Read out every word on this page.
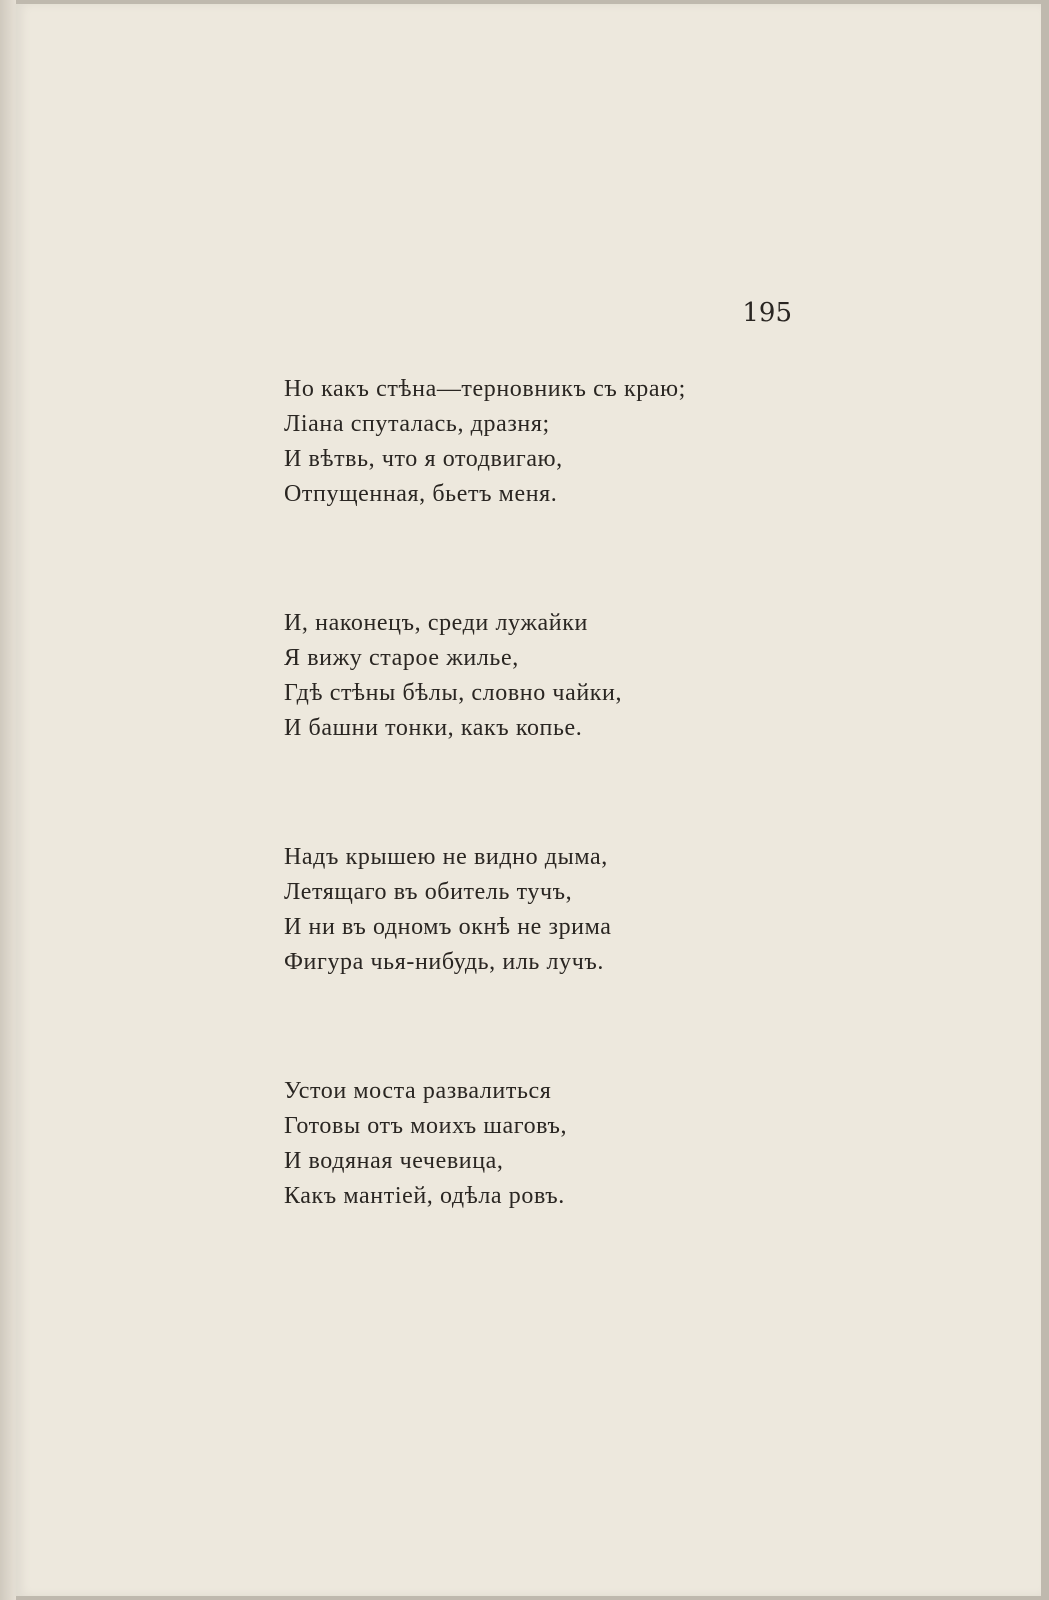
195
Но какъ стѣна—терновникъ съ краю;
Ліана спуталась, дразня;
И вѣтвь, что я отодвигаю,
Отпущенная, бьетъ меня.
И, наконецъ, среди лужайки
Я вижу старое жилье,
Гдѣ стѣны бѣлы, словно чайки,
И башни тонки, какъ копье.
Надъ крышею не видно дыма,
Летящаго въ обитель тучъ,
И ни въ одномъ окнѣ не зрима
Фигура чья-нибудь, иль лучъ.
Устои моста развалиться
Готовы отъ моихъ шаговъ,
И водяная чечевица,
Какъ мантіей, одѣла ровъ.
